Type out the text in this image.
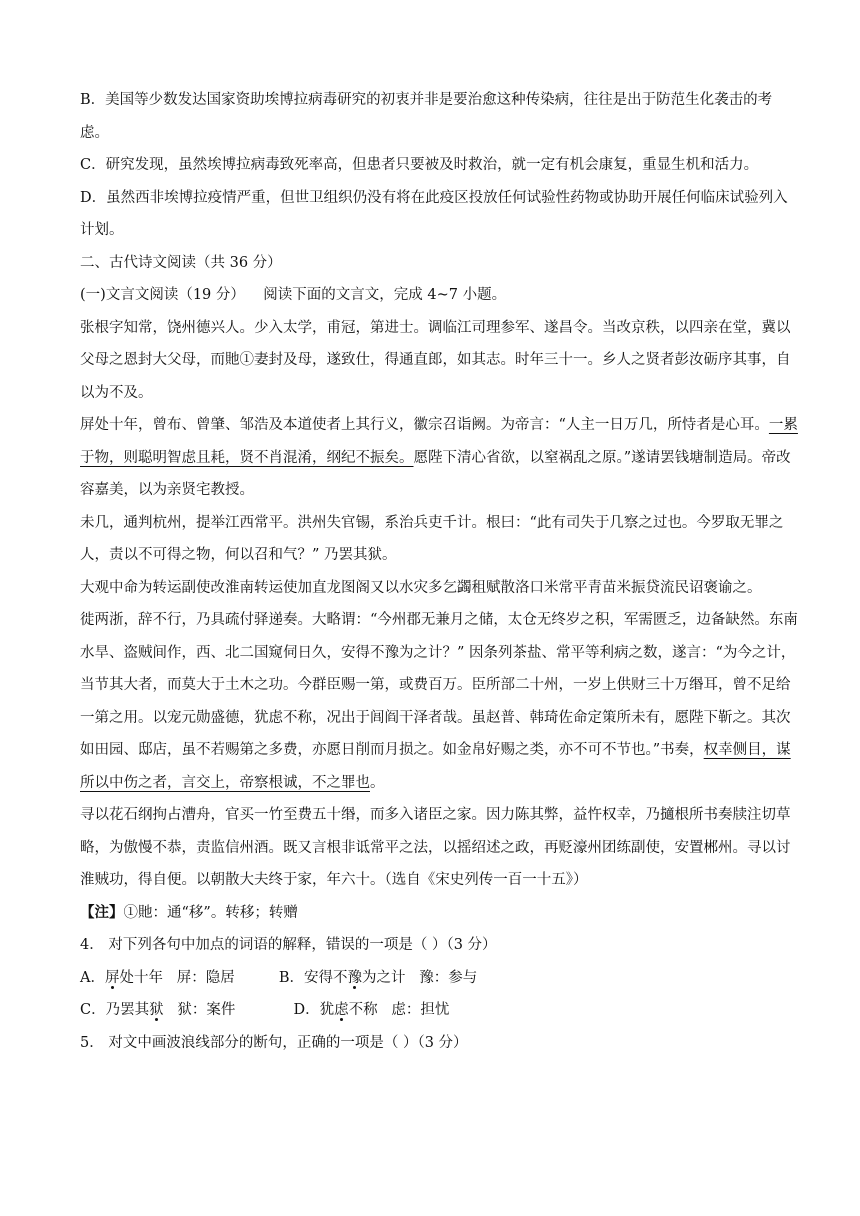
B．美国等少数发达国家资助埃博拉病毒研究的初衷并非是要治愈这种传染病，往往是出于防范生化袭击的考虑。

C．研究发现，虽然埃博拉病毒致死率高，但患者只要被及时救治，就一定有机会康复，重显生机和活力。

D．虽然西非埃博拉疫情严重，但世卫组织仍没有将在此疫区投放任何试验性药物或协助开展任何临床试验列入计划。

二、古代诗文阅读（共 36 分）

(一)文言文阅读（19 分）    阅读下面的文言文，完成 4~7 小题。

张根字知常，饶州德兴人。少入太学，甫冠，第进士。调临江司理参军、遂昌令。当改京秩，以四亲在堂，冀以父母之恩封大父母，而貤①妻封及母，遂致仕，得通直郎，如其志。时年三十一。乡人之贤者彭汝砺序其事，自以为不及。

屏处十年，曾布、曾肇、邹浩及本道使者上其行义，徽宗召诣阙。为帝言：“人主一日万几，所恃者是心耳。一累于物，则聪明智虑且耗，贤不肖混淆，纲纪不振矣。愿陛下清心省欲，以窒祸乱之原。”遂请罢钱塘制造局。帝改容嘉美，以为亲贤宅教授。

未几，通判杭州，提举江西常平。洪州失官锡，系治兵吏千计。根曰：“此有司失于几察之过也。今罗取无罪之人，责以不可得之物，何以召和气？” 乃罢其狱。

大观中命为转运副使改淮南转运使加直龙图阁又以水灾多乞蠲租赋散洛口米常平青苗米振贷流民诏褒谕之。

徙两浙，辞不行，乃具疏付驿递奏。大略谓：“今州郡无兼月之储，太仓无终岁之积，军需匮乏，边备缺然。东南水旱、盗贼间作，西、北二国窥伺日久，安得不豫为之计？” 因条列茶盐、常平等利病之数，遂言：“为今之计，当节其大者，而莫大于土木之功。今群臣赐一第，或费百万。臣所部二十州，一岁上供财三十万缗耳，曾不足给一第之用。以宠元勋盛德，犹虑不称，况出于闾阎干泽者哉。虽赵普、韩琦佐命定策所未有，愿陛下靳之。其次如田园、邸店，虽不若赐第之多费，亦愿日削而月损之。如金帛好赐之类，亦不可不节也。”书奏，权幸侧目，谋所以中伤之者，言交上，帝察根诚，不之罪也。

寻以花石纲拘占漕舟，官买一竹至费五十缗，而多入诸臣之家。因力陈其弊，益忤权幸，乃擿根所书奏牍注切草略，为傲慢不恭，责监信州酒。既又言根非诋常平之法，以摇绍述之政，再贬濠州团练副使，安置郴州。寻以讨淮贼功，得自便。以朝散大夫终于家，年六十。（选自《宋史列传一百一十五》）

【注】①貤：通“移”。转移；转赠

4． 对下列各句中加点的词语的解释，错误的一项是（ ）（3 分）

A．屏处十年   屏：隐居	B．安得不豫为之计   豫：参与

C．乃罢其狱   狱：案件	D．犹虑不称   虑：担忧

5． 对文中画波浪线部分的断句，正确的一项是（ ）（3 分）
